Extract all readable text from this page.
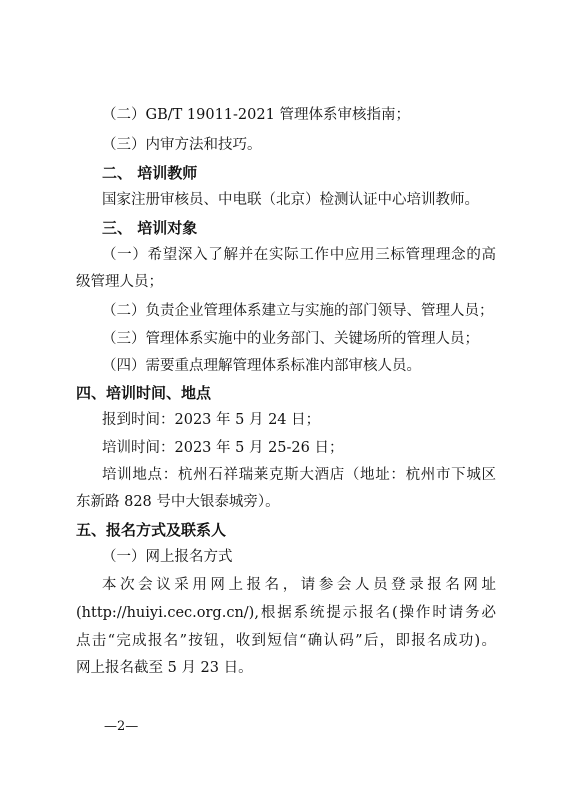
（二）GB/T 19011-2021 管理体系审核指南；
（三）内审方法和技巧。
二、 培训教师
国家注册审核员、中电联（北京）检测认证中心培训教师。
三、 培训对象
（一）希望深入了解并在实际工作中应用三标管理理念的高
级管理人员；
（二）负责企业管理体系建立与实施的部门领导、管理人员；
（三）管理体系实施中的业务部门、关键场所的管理人员；
（四）需要重点理解管理体系标准内部审核人员。
四、培训时间、地点
报到时间：2023 年 5 月 24 日；
培训时间：2023 年 5 月 25-26 日；
培训地点：杭州石祥瑞莱克斯大酒店（地址：杭州市下城区
东新路 828 号中大银泰城旁）。
五、报名方式及联系人
（一）网上报名方式
本次会议采用网上报名，请参会人员登录报名网址
(http://huiyi.cec.org.cn/),根据系统提示报名(操作时请务必
点击“完成报名”按钮，收到短信“确认码”后，即报名成功)。
网上报名截至 5 月 23 日。
—2—
